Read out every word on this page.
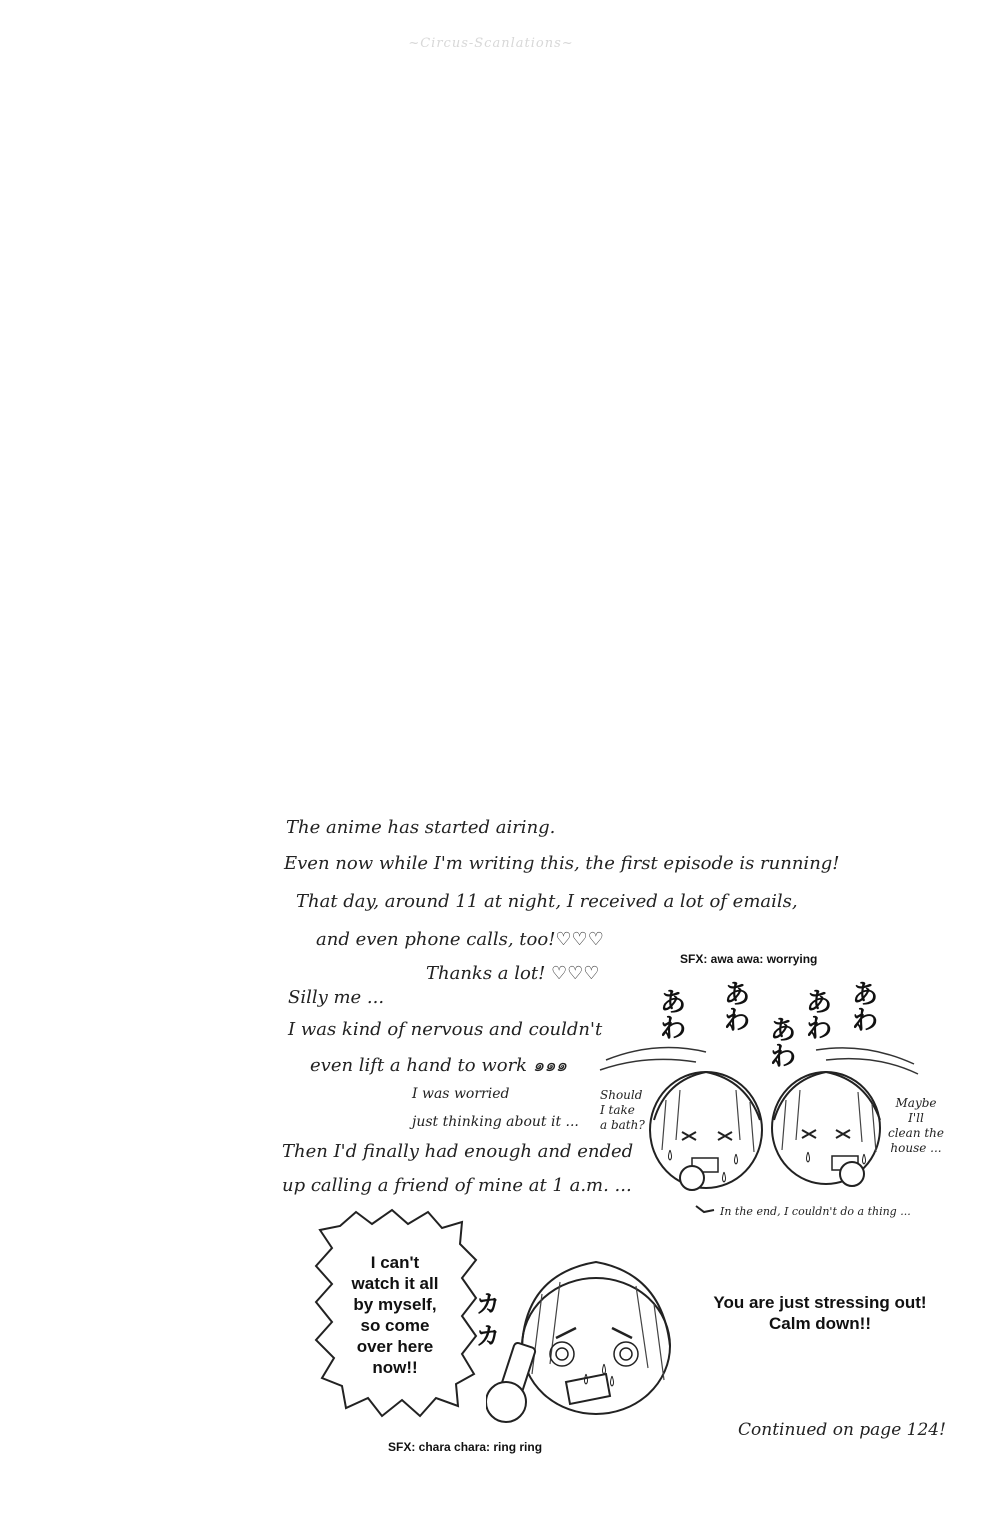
~Circus-Scanlations~
The anime has started airing.
Even now while I'm writing this, the first episode is running!
That day, around 11 at night, I received a lot of emails,
and even phone calls, too!♡♡♡
Thanks a lot! ♡♡♡
Silly me ...
I was kind of nervous and couldn't
even lift a hand to work ๑๑๑
I was worried
just thinking about it ...
Then I'd finally had enough and ended
up calling a friend of mine at 1 a.m. ...
SFX: awa awa: worrying
あ
わ
あ
わ あ
わ
あ
わ
あ
わ
Should
I take
a bath?
Maybe
I'll
clean the
house ...
In the end, I couldn't do a thing ...
I can't
watch it all
by myself,
so come
over here
now!!
カ
カ
You are just stressing out!
Calm down!!
Continued on page 124!
SFX: chara chara: ring ring
